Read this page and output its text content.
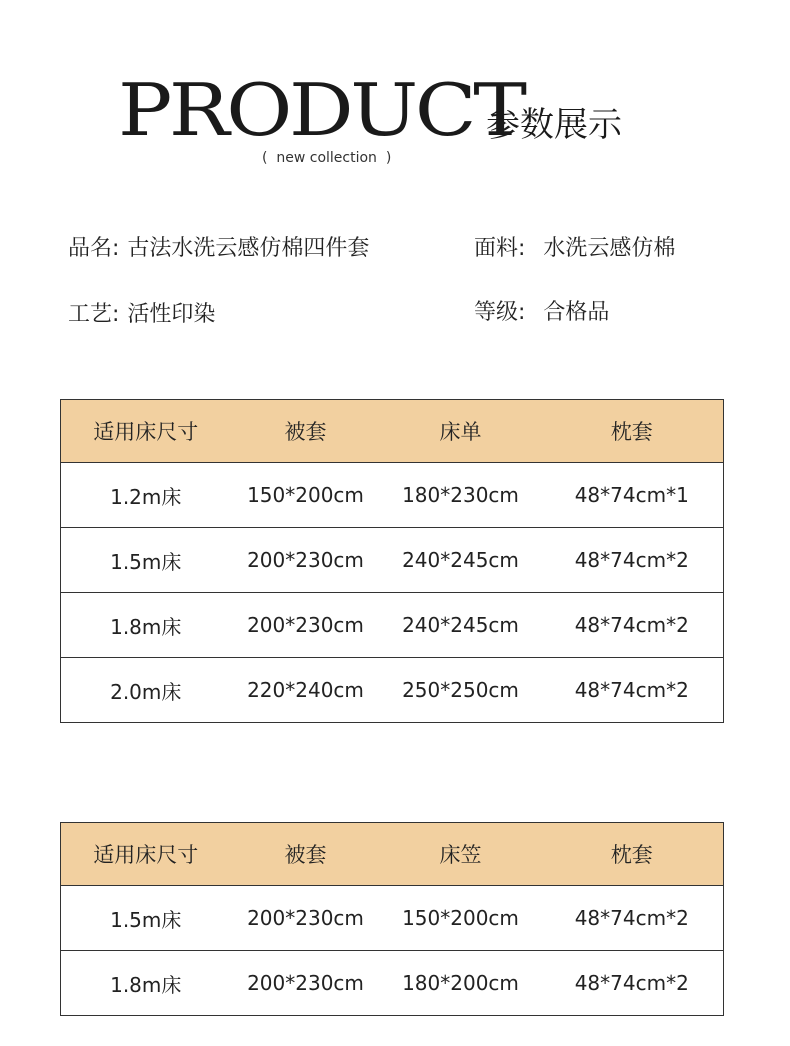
PRODUCT
参数展示
(  new collection  )
品名: 古法水洗云感仿棉四件套	面料: 水洗云感仿棉
工艺: 活性印染	等级: 合格品
适用床尺寸	被套	床单	枕套
1.2m床	150*200cm	180*230cm	48*74cm*1
1.5m床	200*230cm	240*245cm	48*74cm*2
1.8m床	200*230cm	240*245cm	48*74cm*2
2.0m床	220*240cm	250*250cm	48*74cm*2
适用床尺寸	被套	床笠	枕套
1.5m床	200*230cm	150*200cm	48*74cm*2
1.8m床	200*230cm	180*200cm	48*74cm*2
